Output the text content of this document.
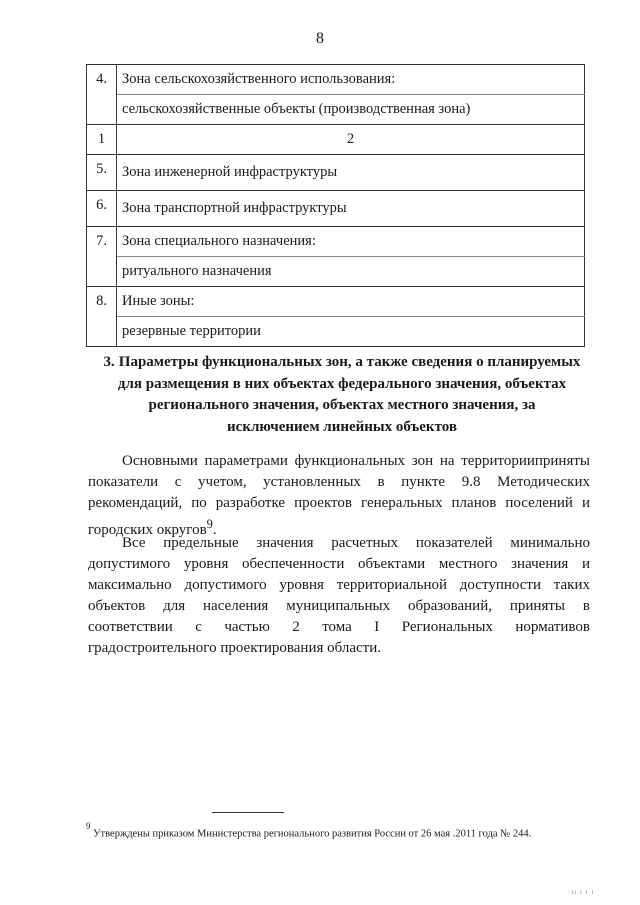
8
4.	Зона сельскохозяйственного использования:
	сельскохозяйственные объекты (производственная зона)
1	2
5.	Зона инженерной инфраструктуры
6.	Зона транспортной инфраструктуры
7.	Зона специального назначения:
	ритуального назначения
8.	Иные зоны:
	резервные территории
3. Параметры функциональных зон, а также сведения о планируемых
для размещения в них объектах федерального значения, объектах
регионального значения, объектах местного значения, за
исключением линейных объектов

Основными параметрами функциональных зон на территорииприняты показатели с учетом, установленных в пункте 9.8 Методических рекомендаций, по разработке проектов генеральных планов поселений и городских округов$^9$.

Все предельные значения расчетных показателей минимально допустимого уровня обеспеченности объектами местного значения и максимально допустимого уровня территориальной доступности таких объектов для населения муниципальных образований, приняты в соответствии с частью 2 тома I Региональных нормативов градостроительного проектирования области.

$^9$ Утверждены приказом Министерства регионального развития России от 26 мая .2011 года № 244.
·ıı ı ı ı
